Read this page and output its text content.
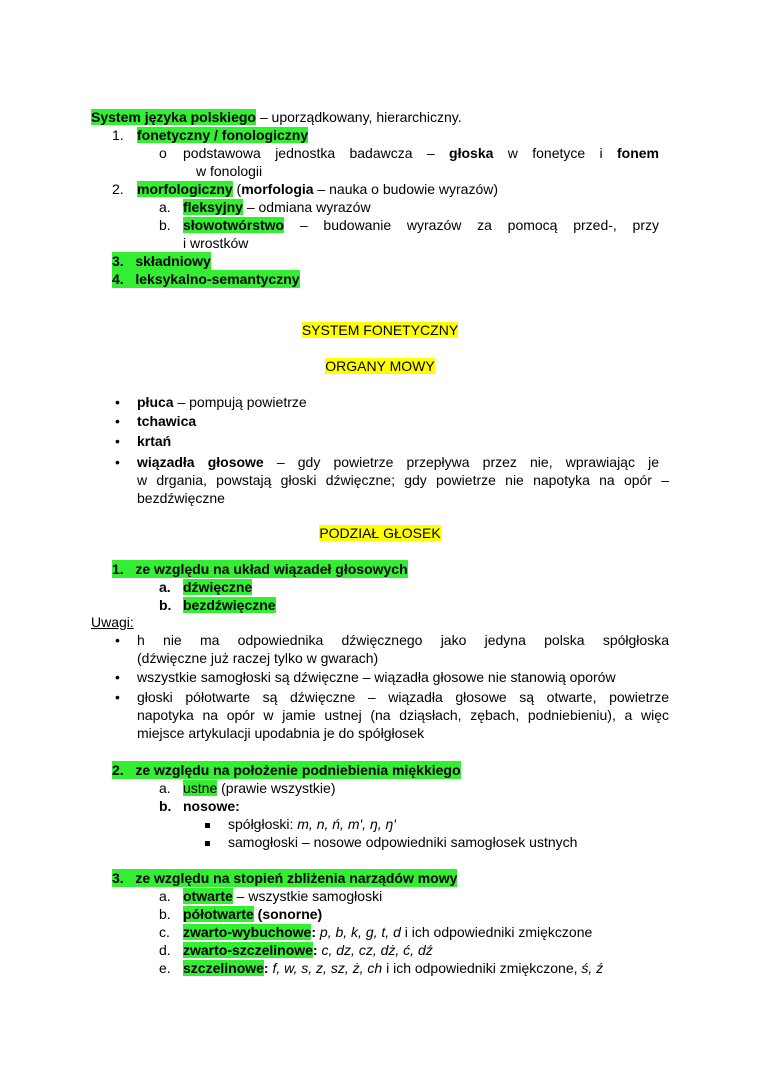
System języka polskiego – uporządkowany, hierarchiczny.
1. fonetyczny / fonologiczny
o podstawowa jednostka badawcza – głoska w fonetyce i fonem
w fonologii
2. morfologiczny (morfologia – nauka o budowie wyrazów)
a. fleksyjny – odmiana wyrazów
b. słowotwórstwo – budowanie wyrazów za pomocą przed-, przy
i wrostków
3. składniowy
4. leksykalno-semantyczny
SYSTEM FONETYCZNY
ORGANY MOWY
• płuca – pompują powietrze
• tchawica
• krtań
• wiązadła głosowe – gdy powietrze przepływa przez nie, wprawiając je
w drgania, powstają głoski dźwięczne; gdy powietrze nie napotyka na opór –
bezdźwięczne
PODZIAŁ GŁOSEK
1. ze względu na układ wiązadeł głosowych
a. dźwięczne
b. bezdźwięczne
Uwagi:
• h nie ma odpowiednika dźwięcznego jako jedyna polska spółgłoska
(dźwięczne już raczej tylko w gwarach)
• wszystkie samogłoski są dźwięczne – wiązadła głosowe nie stanowią oporów
• głoski półotwarte są dźwięczne – wiązadła głosowe są otwarte, powietrze
napotyka na opór w jamie ustnej (na dziąsłach, zębach, podniebieniu), a więc
miejsce artykulacji upodabnia je do spółgłosek
2. ze względu na położenie podniebienia miękkiego
a. ustne (prawie wszystkie)
b. nosowe:
spółgłoski: m, n, ń, m', ŋ, ŋ'
samogłoski – nosowe odpowiedniki samogłosek ustnych
3. ze względu na stopień zbliżenia narządów mowy
a. otwarte – wszystkie samogłoski
b. półotwarte (sonorne)
c. zwarto-wybuchowe: p, b, k, g, t, d i ich odpowiedniki zmiękczone
d. zwarto-szczelinowe: c, dz, cz, dż, ć, dź
e. szczelinowe: f, w, s, z, sz, ż, ch i ich odpowiedniki zmiękczone, ś, ź
